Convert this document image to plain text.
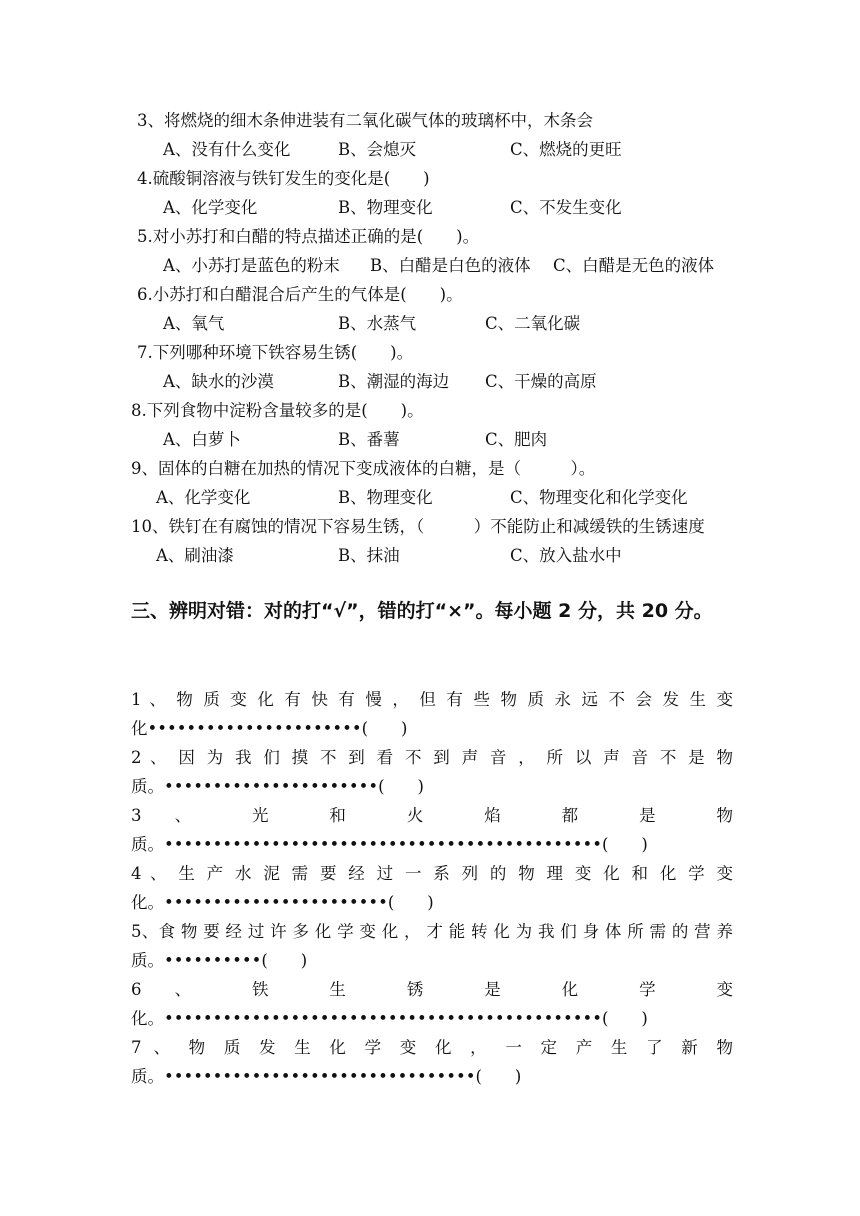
3、将燃烧的细木条伸进装有二氧化碳气体的玻璃杯中，木条会
A、没有什么变化	B、会熄灭	C、燃烧的更旺
4.硫酸铜溶液与铁钉发生的变化是(　　)
A、化学变化	B、物理变化	C、不发生变化
5.对小苏打和白醋的特点描述正确的是(　　)。
A、小苏打是蓝色的粉末 B、白醋是白色的液体 C、白醋是无色的液体
6.小苏打和白醋混合后产生的气体是(　　)。
A、氧气	B、水蒸气	C、二氧化碳
7.下列哪种环境下铁容易生锈(　　)。
A、缺水的沙漠	B、潮湿的海边 C、干燥的高原
8.下列食物中淀粉含量较多的是(　　)。
A、白萝卜	B、番薯	C、肥肉
9、固体的白糖在加热的情况下变成液体的白糖，是（　　　）。
A、化学变化	B、物理变化	C、物理变化和化学变化
10、铁钉在有腐蚀的情况下容易生锈，（　　　）不能防止和减缓铁的生锈速度
A、刷油漆	B、抹油	C、放入盐水中
三、辨明对错：对的打“√”，错的打“×”。每小题 2 分，共 20 分。
1 、 物 质 变 化 有 快 有 慢 ， 但 有 些 物 质 永 远 不 会 发 生 变
化••••••••••••••••••••••(　　)
2 、 因 为 我 们 摸 不 到 看 不 到 声 音 ， 所 以 声 音 不 是 物
质。••••••••••••••••••••••(　　)
3 、 光 和 火 焰 都 是 物
质。•••••••••••••••••••••••••••••••••••••••••••••(　　)
4 、 生 产 水 泥 需 要 经 过 一 系 列 的 物 理 变 化 和 化 学 变
化。•••••••••••••••••••••••(　　)
5、食 物 要 经 过 许 多 化 学 变 化 ， 才 能 转 化 为 我 们 身 体 所 需 的 营 养
质。••••••••••(　　)
6 、 铁 生 锈 是 化 学 变
化。•••••••••••••••••••••••••••••••••••••••••••••(　　)
7 、 物 质 发 生 化 学 变 化 ， 一 定 产 生 了 新 物
质。••••••••••••••••••••••••••••••••(　　)
